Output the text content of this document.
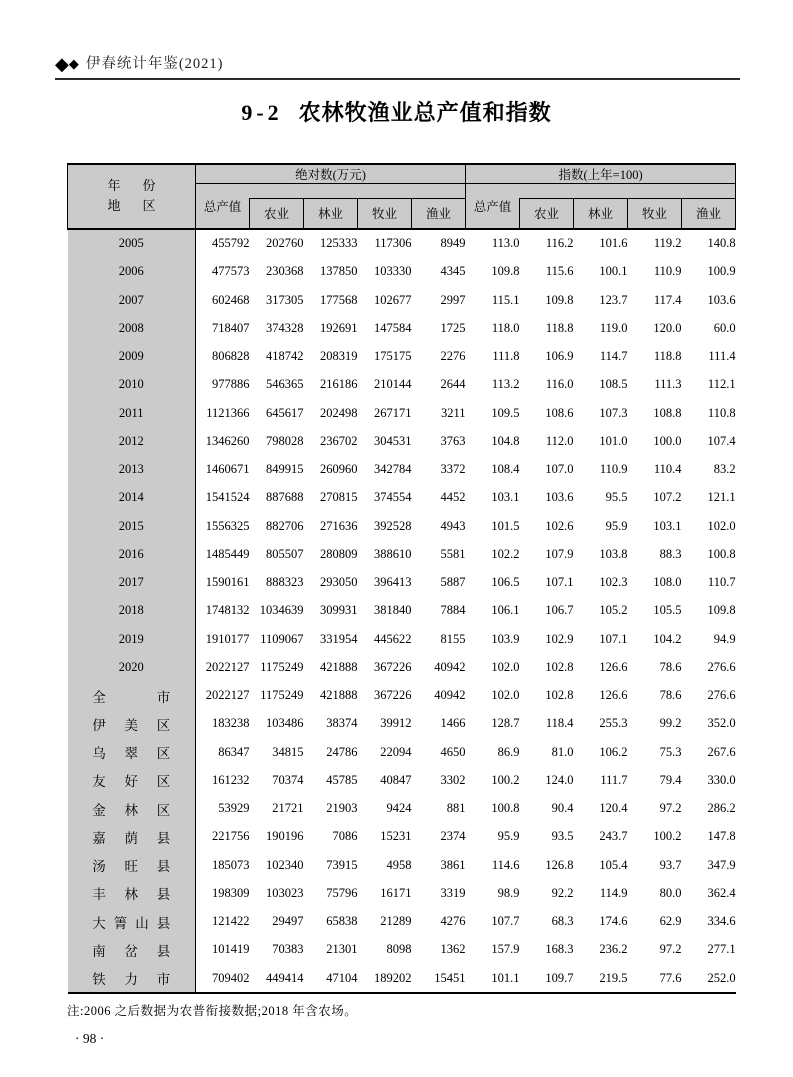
◆◆ 伊春统计年鉴(2021)
9-2 农林牧渔业总产值和指数
年 份
地 区	绝对数(万元)					指数(上年=100)				
	总产值					总产值				
		农业	林业	牧业	渔业		农业	林业	牧业	渔业
2005	455792	202760	125333	117306	8949	113.0	116.2	101.6	119.2	140.8
2006	477573	230368	137850	103330	4345	109.8	115.6	100.1	110.9	100.9
2007	602468	317305	177568	102677	2997	115.1	109.8	123.7	117.4	103.6
2008	718407	374328	192691	147584	1725	118.0	118.8	119.0	120.0	60.0
2009	806828	418742	208319	175175	2276	111.8	106.9	114.7	118.8	111.4
2010	977886	546365	216186	210144	2644	113.2	116.0	108.5	111.3	112.1
2011	1121366	645617	202498	267171	3211	109.5	108.6	107.3	108.8	110.8
2012	1346260	798028	236702	304531	3763	104.8	112.0	101.0	100.0	107.4
2013	1460671	849915	260960	342784	3372	108.4	107.0	110.9	110.4	83.2
2014	1541524	887688	270815	374554	4452	103.1	103.6	95.5	107.2	121.1
2015	1556325	882706	271636	392528	4943	101.5	102.6	95.9	103.1	102.0
2016	1485449	805507	280809	388610	5581	102.2	107.9	103.8	88.3	100.8
2017	1590161	888323	293050	396413	5887	106.5	107.1	102.3	108.0	110.7
2018	1748132	1034639	309931	381840	7884	106.1	106.7	105.2	105.5	109.8
2019	1910177	1109067	331954	445622	8155	103.9	102.9	107.1	104.2	94.9
2020	2022127	1175249	421888	367226	40942	102.0	102.8	126.6	78.6	276.6
全 市	2022127	1175249	421888	367226	40942	102.0	102.8	126.6	78.6	276.6
伊美区	183238	103486	38374	39912	1466	128.7	118.4	255.3	99.2	352.0
乌翠区	86347	34815	24786	22094	4650	86.9	81.0	106.2	75.3	267.6
友好区	161232	70374	45785	40847	3302	100.2	124.0	111.7	79.4	330.0
金林区	53929	21721	21903	9424	881	100.8	90.4	120.4	97.2	286.2
嘉荫县	221756	190196	7086	15231	2374	95.9	93.5	243.7	100.2	147.8
汤旺县	185073	102340	73915	4958	3861	114.6	126.8	105.4	93.7	347.9
丰林县	198309	103023	75796	16171	3319	98.9	92.2	114.9	80.0	362.4
大箐山县	121422	29497	65838	21289	4276	107.7	68.3	174.6	62.9	334.6
南岔县	101419	70383	21301	8098	1362	157.9	168.3	236.2	97.2	277.1
铁力市	709402	449414	47104	189202	15451	101.1	109.7	219.5	77.6	252.0
注:2006 之后数据为农普衔接数据;2018 年含农场。
· 98 ·
